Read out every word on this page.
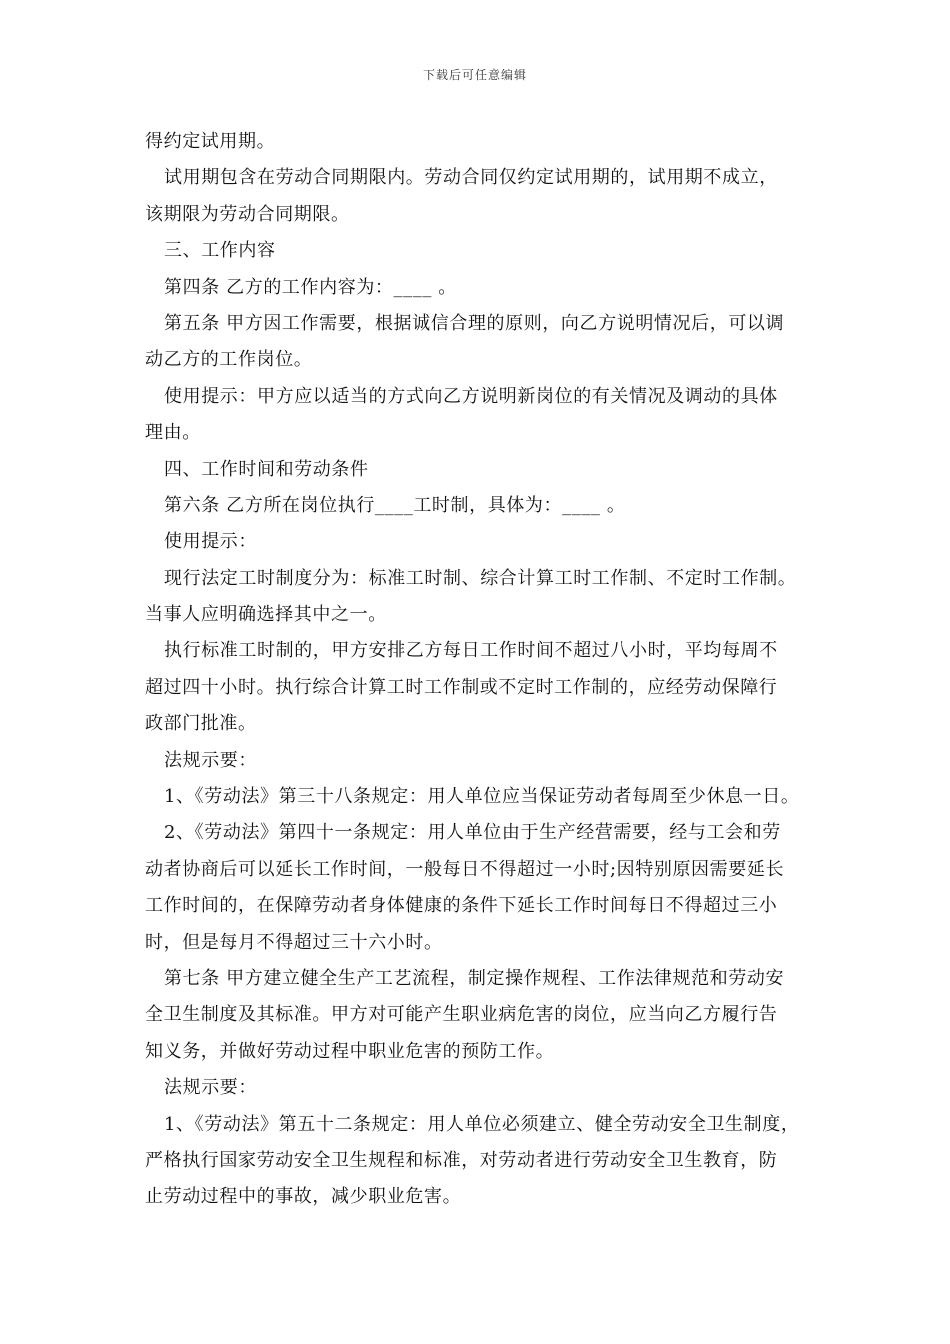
下载后可任意编辑
得约定试用期。
试用期包含在劳动合同期限内。劳动合同仅约定试用期的，试用期不成立，
该期限为劳动合同期限。
三、工作内容
第四条 乙方的工作内容为：____ 。
第五条 甲方因工作需要，根据诚信合理的原则，向乙方说明情况后，可以调
动乙方的工作岗位。
使用提示：甲方应以适当的方式向乙方说明新岗位的有关情况及调动的具体
理由。
四、工作时间和劳动条件
第六条 乙方所在岗位执行____工时制，具体为：____ 。
使用提示：
现行法定工时制度分为：标准工时制、综合计算工时工作制、不定时工作制。
当事人应明确选择其中之一。
执行标准工时制的，甲方安排乙方每日工作时间不超过八小时，平均每周不
超过四十小时。执行综合计算工时工作制或不定时工作制的，应经劳动保障行
政部门批准。
法规示要：
1、《劳动法》第三十八条规定：用人单位应当保证劳动者每周至少休息一日。
2、《劳动法》第四十一条规定：用人单位由于生产经营需要，经与工会和劳
动者协商后可以延长工作时间，一般每日不得超过一小时;因特别原因需要延长
工作时间的，在保障劳动者身体健康的条件下延长工作时间每日不得超过三小
时，但是每月不得超过三十六小时。
第七条 甲方建立健全生产工艺流程，制定操作规程、工作法律规范和劳动安
全卫生制度及其标准。甲方对可能产生职业病危害的岗位，应当向乙方履行告
知义务，并做好劳动过程中职业危害的预防工作。
法规示要：
1、《劳动法》第五十二条规定：用人单位必须建立、健全劳动安全卫生制度，
严格执行国家劳动安全卫生规程和标准，对劳动者进行劳动安全卫生教育，防
止劳动过程中的事故，减少职业危害。
